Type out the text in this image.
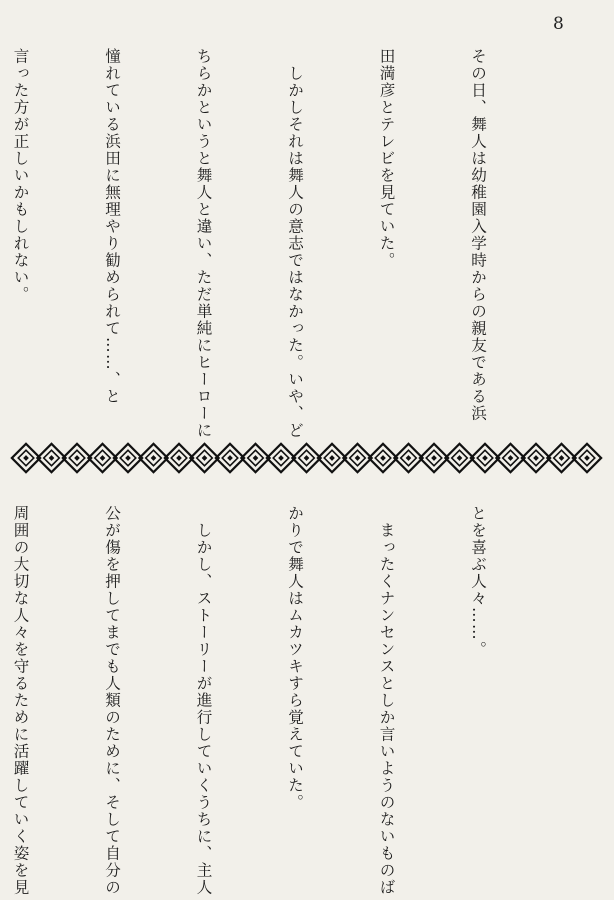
8

その日、舞人は幼稚園入学時からの親友である浜

田満彦とテレビを見ていた。

　しかしそれは舞人の意志ではなかった。いや、ど

ちらかというと舞人と違い、ただ単純にヒーローに

憧れている浜田に無理やり勧められて……、と

言った方が正しいかもしれない。

とを喜ぶ人々……。

　まったくナンセンスとしか言いようのないものば

かりで舞人はムカツキすら覚えていた。

　しかし、ストーリーが進行していくうちに、主人

公が傷を押してまでも人類のために、そして自分の

周囲の大切な人々を守るために活躍していく姿を見
